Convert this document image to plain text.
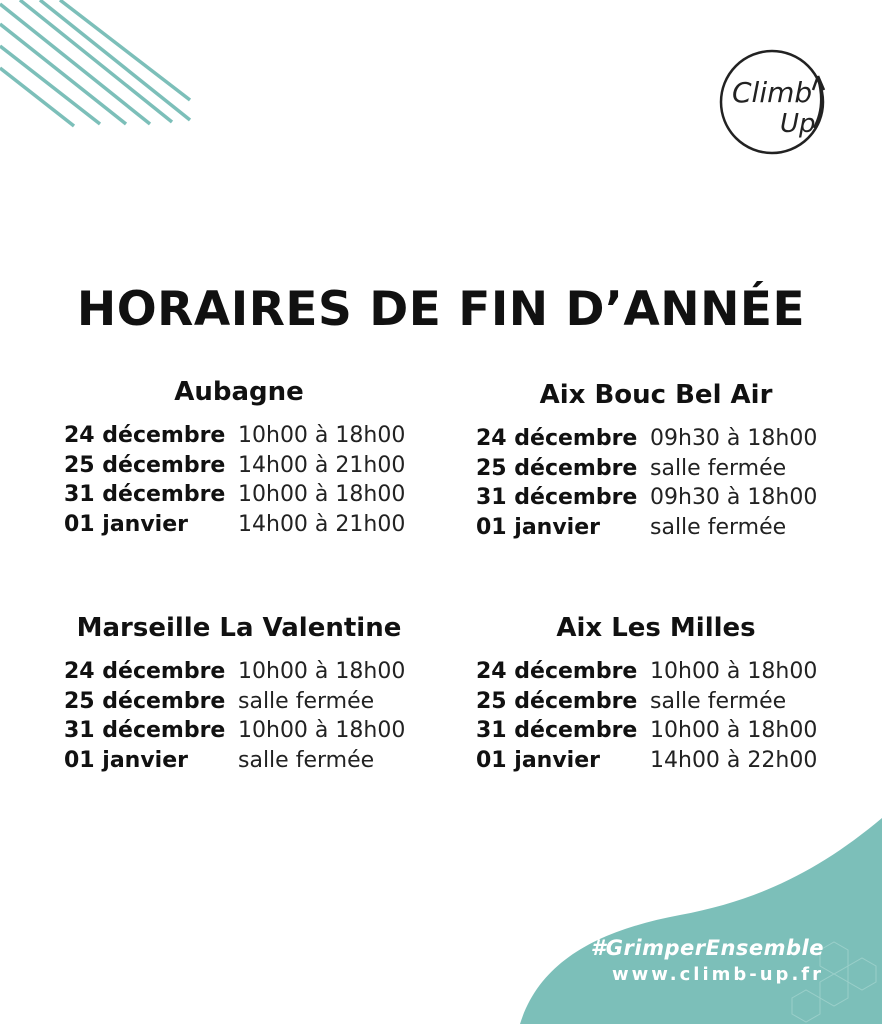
Climb
Up
HORAIRES DE FIN D’ANNÉE
Aubagne
24 décembre 10h00 à 18h00
25 décembre 14h00 à 21h00
31 décembre 10h00 à 18h00
01 janvier	14h00 à 21h00
Aix Bouc Bel Air
24 décembre 09h30 à 18h00
25 décembre salle fermée
31 décembre 09h30 à 18h00
01 janvier	salle fermée
Marseille La Valentine
24 décembre 10h00 à 18h00
25 décembre salle fermée
31 décembre 10h00 à 18h00
01 janvier	salle fermée
Aix Les Milles
24 décembre 10h00 à 18h00
25 décembre salle fermée
31 décembre 10h00 à 18h00
01 janvier	14h00 à 22h00
#GrimperEnsemble
www.climb-up.fr
